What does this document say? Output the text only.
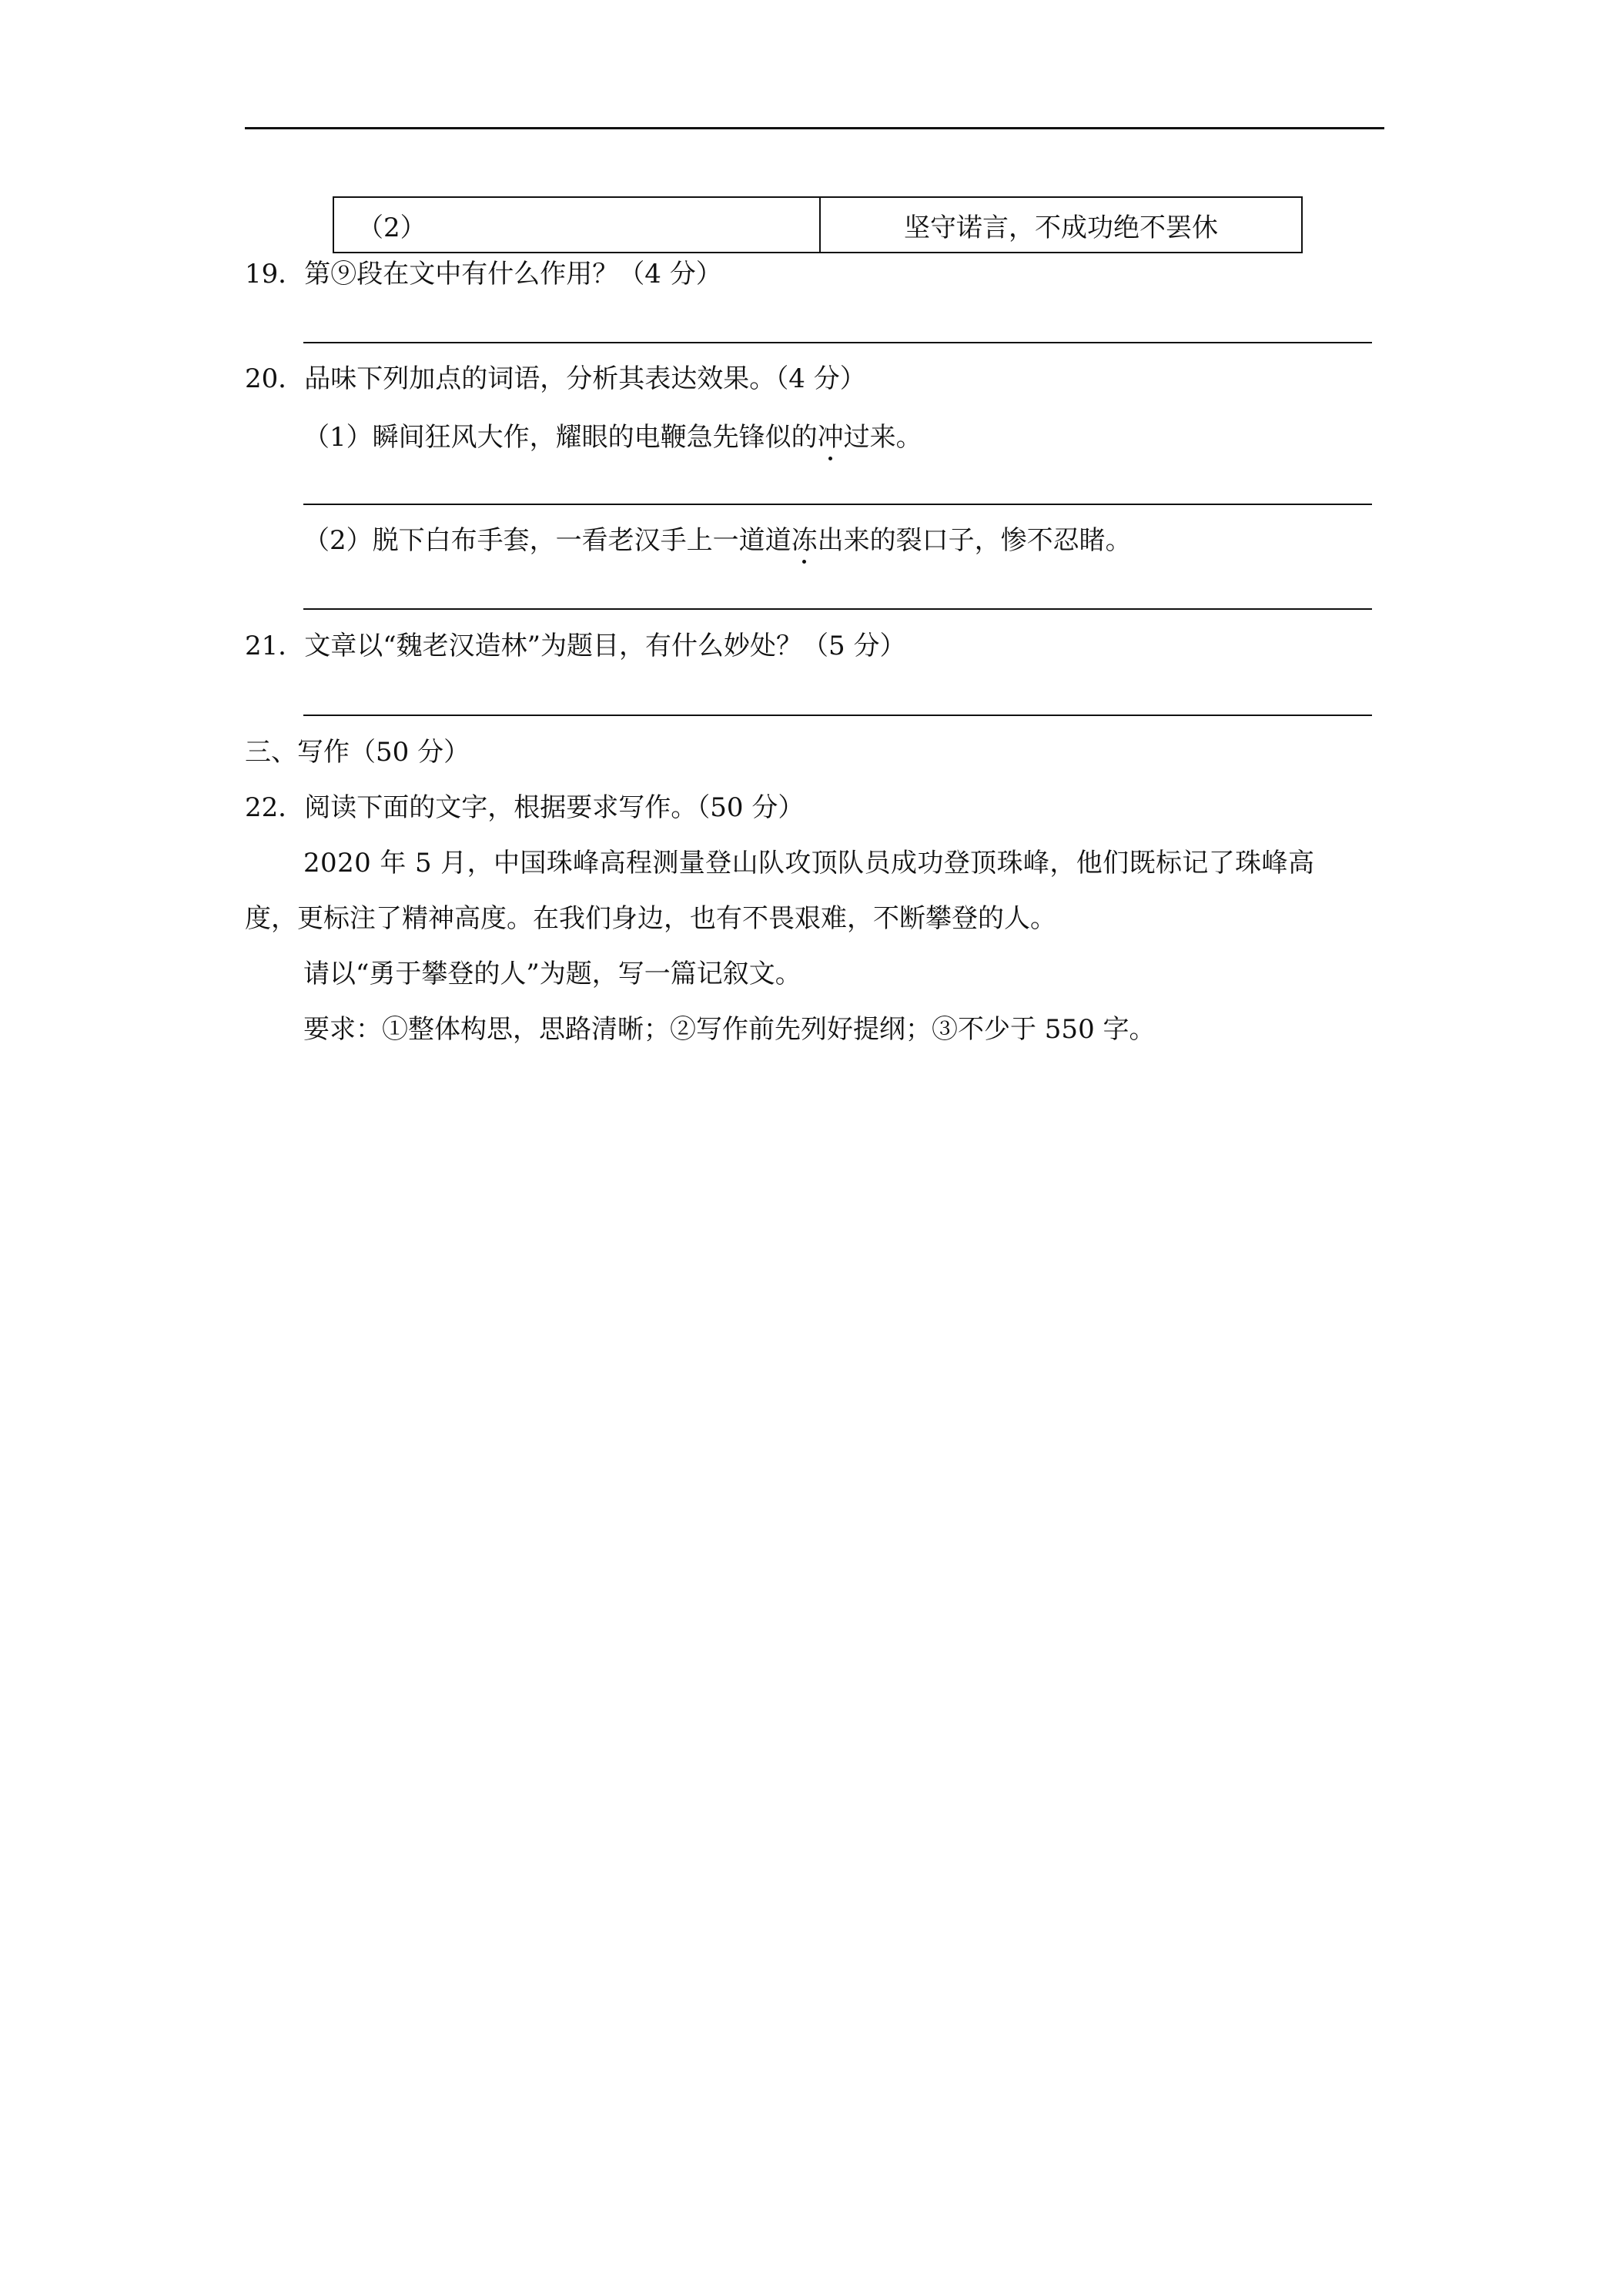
（2）	坚守诺言，不成功绝不罢休
19．第⑨段在文中有什么作用？（4 分）
20．品味下列加点的词语，分析其表达效果。（4 分）
（1）瞬间狂风大作，耀眼的电鞭急先锋似的冲过来。
（2）脱下白布手套，一看老汉手上一道道冻出来的裂口子，惨不忍睹。
21．文章以“魏老汉造林”为题目，有什么妙处？（5 分）
三、写作（50 分）
22．阅读下面的文字，根据要求写作。（50 分）
2020 年 5 月，中国珠峰高程测量登山队攻顶队员成功登顶珠峰，他们既标记了珠峰高
度，更标注了精神高度。在我们身边，也有不畏艰难，不断攀登的人。
请以“勇于攀登的人”为题，写一篇记叙文。
要求：①整体构思，思路清晰；②写作前先列好提纲；③不少于 550 字。
